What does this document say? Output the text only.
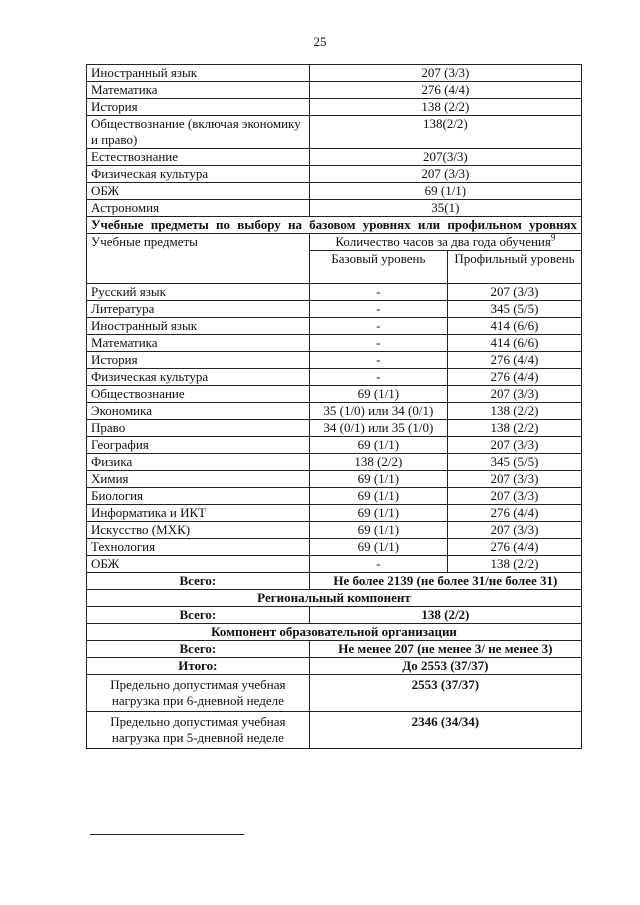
25
Иностранный язык	207 (3/3)	
Математика	276 (4/4)	
История	138 (2/2)	
Обществознание (включая экономику и право)	138(2/2)	
Естествознание	207(3/3)	
Физическая культура	207 (3/3)	
ОБЖ	69 (1/1)	
Астрономия	35(1)	
Учебные предметы по выбору на базовом уровнях или профильном уровнях		
Учебные предметы	Количество часов за два года обучения$^9$
	Базовый уровень	Профильный уровень
Русский язык	-	207 (3/3)
Литература	-	345 (5/5)
Иностранный язык	-	414 (6/6)
Математика	-	414 (6/6)
История	-	276 (4/4)
Физическая культура	-	276 (4/4)
Обществознание	69 (1/1)	207 (3/3)
Экономика	35 (1/0) или 34 (0/1)	138 (2/2)
Право	34 (0/1) или 35 (1/0)	138 (2/2)
География	69 (1/1)	207 (3/3)
Физика	138 (2/2)	345 (5/5)
Химия	69 (1/1)	207 (3/3)
Биология	69 (1/1)	207 (3/3)
Информатика и ИКТ	69 (1/1)	276 (4/4)
Искусство (МХК)	69 (1/1)	207 (3/3)
Технология	69 (1/1)	276 (4/4)
ОБЖ	-	138 (2/2)
Всего:	Не более 2139 (не более 31/не более 31)	
Региональный компонент		
Всего:	138 (2/2)	
Компонент образовательной организации		
Всего:	Не менее 207 (не менее 3/ не менее 3)	
Итого:	До 2553 (37/37)	
Предельно допустимая учебная нагрузка при 6-дневной неделе	2553 (37/37)	
Предельно допустимая учебная нагрузка при 5-дневной неделе	2346 (34/34)	
